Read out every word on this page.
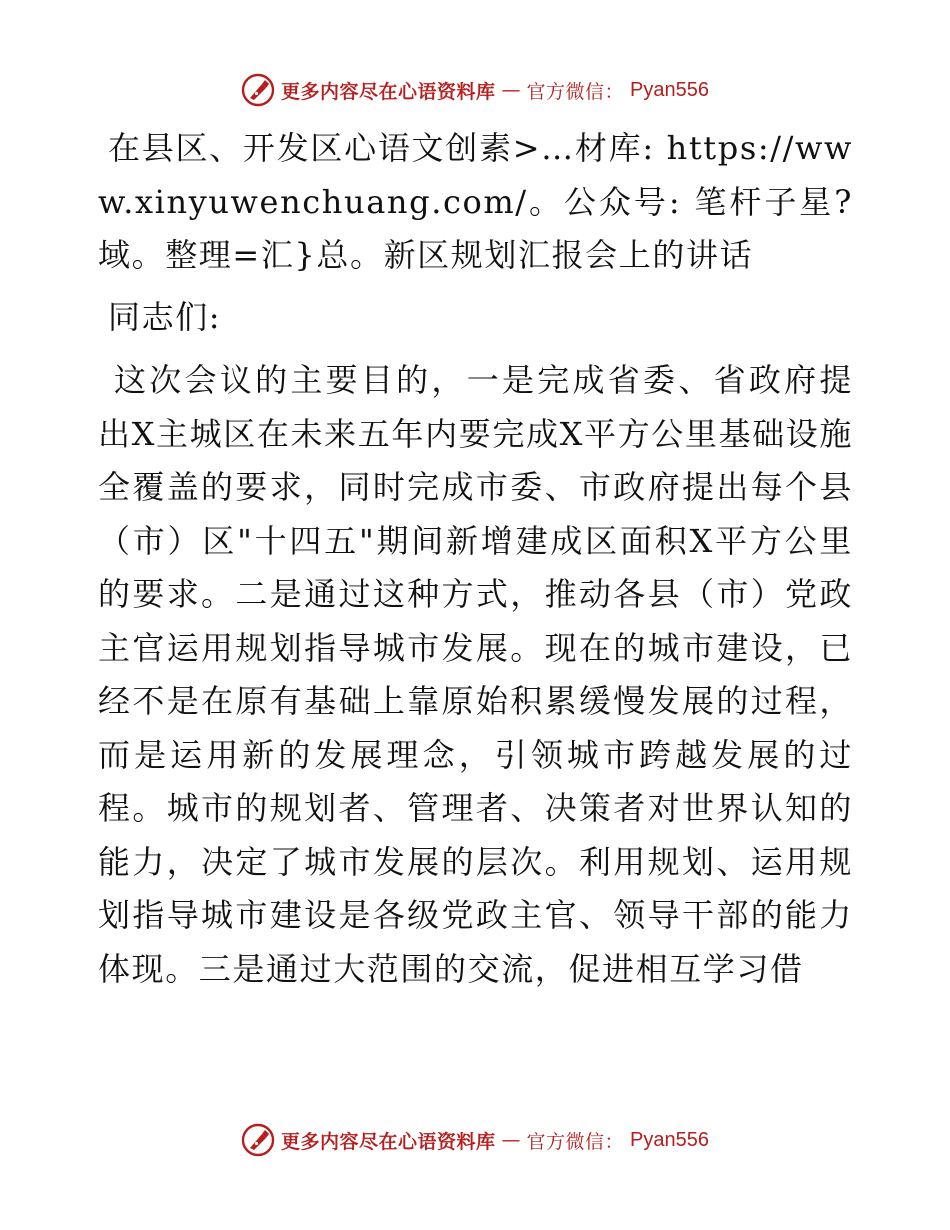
更多内容尽在心语资料库 — 官方微信： Pyan556

在县区、开发区心语文创素>…材库: https://www.xinyuwenchuang.com/。公众号: 笔杆子星?域。整理=汇}总。新区规划汇报会上的讲话

同志们:

这次会议的主要目的，一是完成省委、省政府提出X主城区在未来五年内要完成X平方公里基础设施全覆盖的要求，同时完成市委、市政府提出每个县（市）区"十四五"期间新增建成区面积X平方公里的要求。二是通过这种方式，推动各县（市）党政主官运用规划指导城市发展。现在的城市建设，已经不是在原有基础上靠原始积累缓慢发展的过程，而是运用新的发展理念，引领城市跨越发展的过程。城市的规划者、管理者、决策者对世界认知的能力，决定了城市发展的层次。利用规划、运用规划指导城市建设是各级党政主官、领导干部的能力体现。三是通过大范围的交流，促进相互学习借

更多内容尽在心语资料库 — 官方微信： Pyan556
